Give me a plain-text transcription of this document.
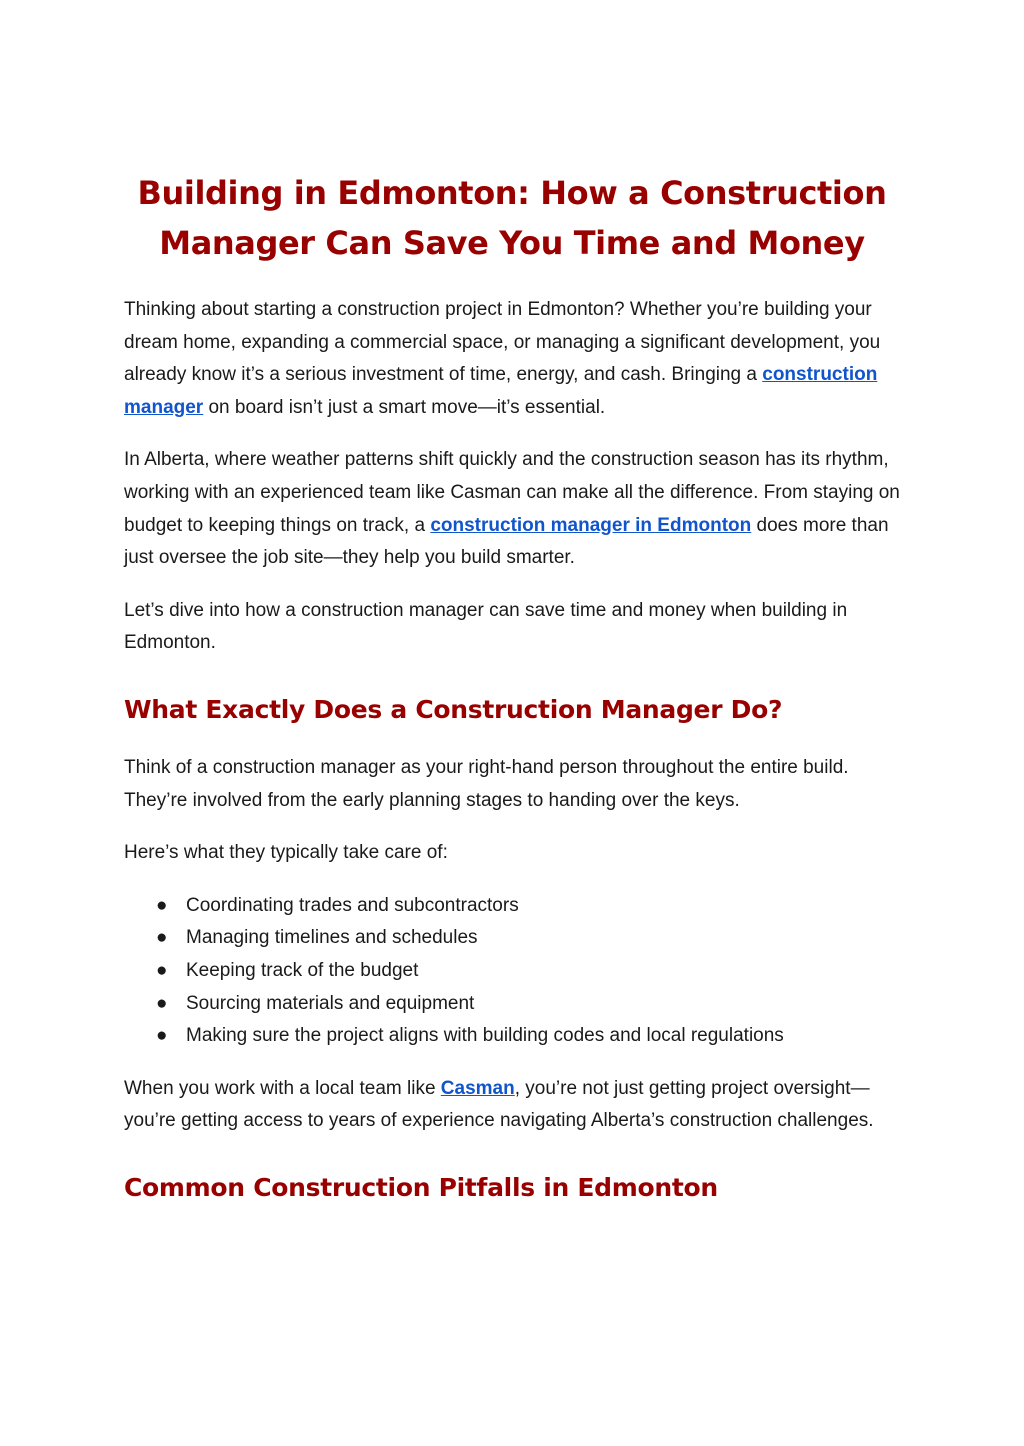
Building in Edmonton: How a Construction Manager Can Save You Time and Money

Thinking about starting a construction project in Edmonton? Whether you’re building your dream home, expanding a commercial space, or managing a significant development, you already know it’s a serious investment of time, energy, and cash. Bringing a construction manager on board isn’t just a smart move—it’s essential.

In Alberta, where weather patterns shift quickly and the construction season has its rhythm, working with an experienced team like Casman can make all the difference. From staying on budget to keeping things on track, a construction manager in Edmonton does more than just oversee the job site—they help you build smarter.

Let’s dive into how a construction manager can save time and money when building in Edmonton.

What Exactly Does a Construction Manager Do?

Think of a construction manager as your right-hand person throughout the entire build. They’re involved from the early planning stages to handing over the keys.

Here’s what they typically take care of:

● Coordinating trades and subcontractors
● Managing timelines and schedules
● Keeping track of the budget
● Sourcing materials and equipment
● Making sure the project aligns with building codes and local regulations

When you work with a local team like Casman, you’re not just getting project oversight—you’re getting access to years of experience navigating Alberta’s construction challenges.

Common Construction Pitfalls in Edmonton
